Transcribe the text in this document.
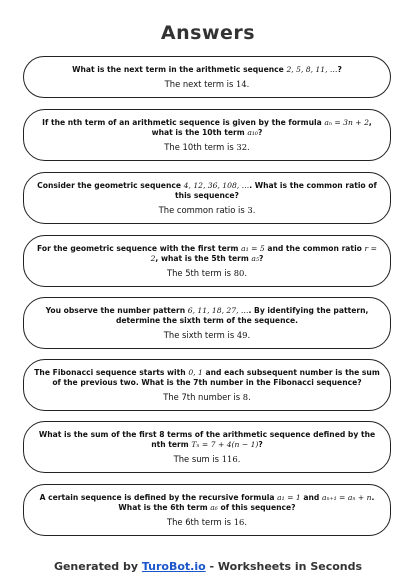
Answers
What is the next term in the arithmetic sequence 2, 5, 8, 11, …?
The next term is 14.
If the nth term of an arithmetic sequence is given by the formula aₙ = 3n + 2, what is the 10th term a₁₀?
The 10th term is 32.
Consider the geometric sequence 4, 12, 36, 108, …. What is the common ratio of this sequence?
The common ratio is 3.
For the geometric sequence with the first term a₁ = 5 and the common ratio r = 2, what is the 5th term a₅?
The 5th term is 80.
You observe the number pattern 6, 11, 18, 27, …. By identifying the pattern, determine the sixth term of the sequence.
The sixth term is 49.
The Fibonacci sequence starts with 0, 1 and each subsequent number is the sum of the previous two. What is the 7th number in the Fibonacci sequence?
The 7th number is 8.
What is the sum of the first 8 terms of the arithmetic sequence defined by the nth term Tₙ = 7 + 4(n − 1)?
The sum is 116.
A certain sequence is defined by the recursive formula a₁ = 1 and aₙ₊₁ = aₙ + n. What is the 6th term a₆ of this sequence?
The 6th term is 16.
Generated by TuroBot.io - Worksheets in Seconds
